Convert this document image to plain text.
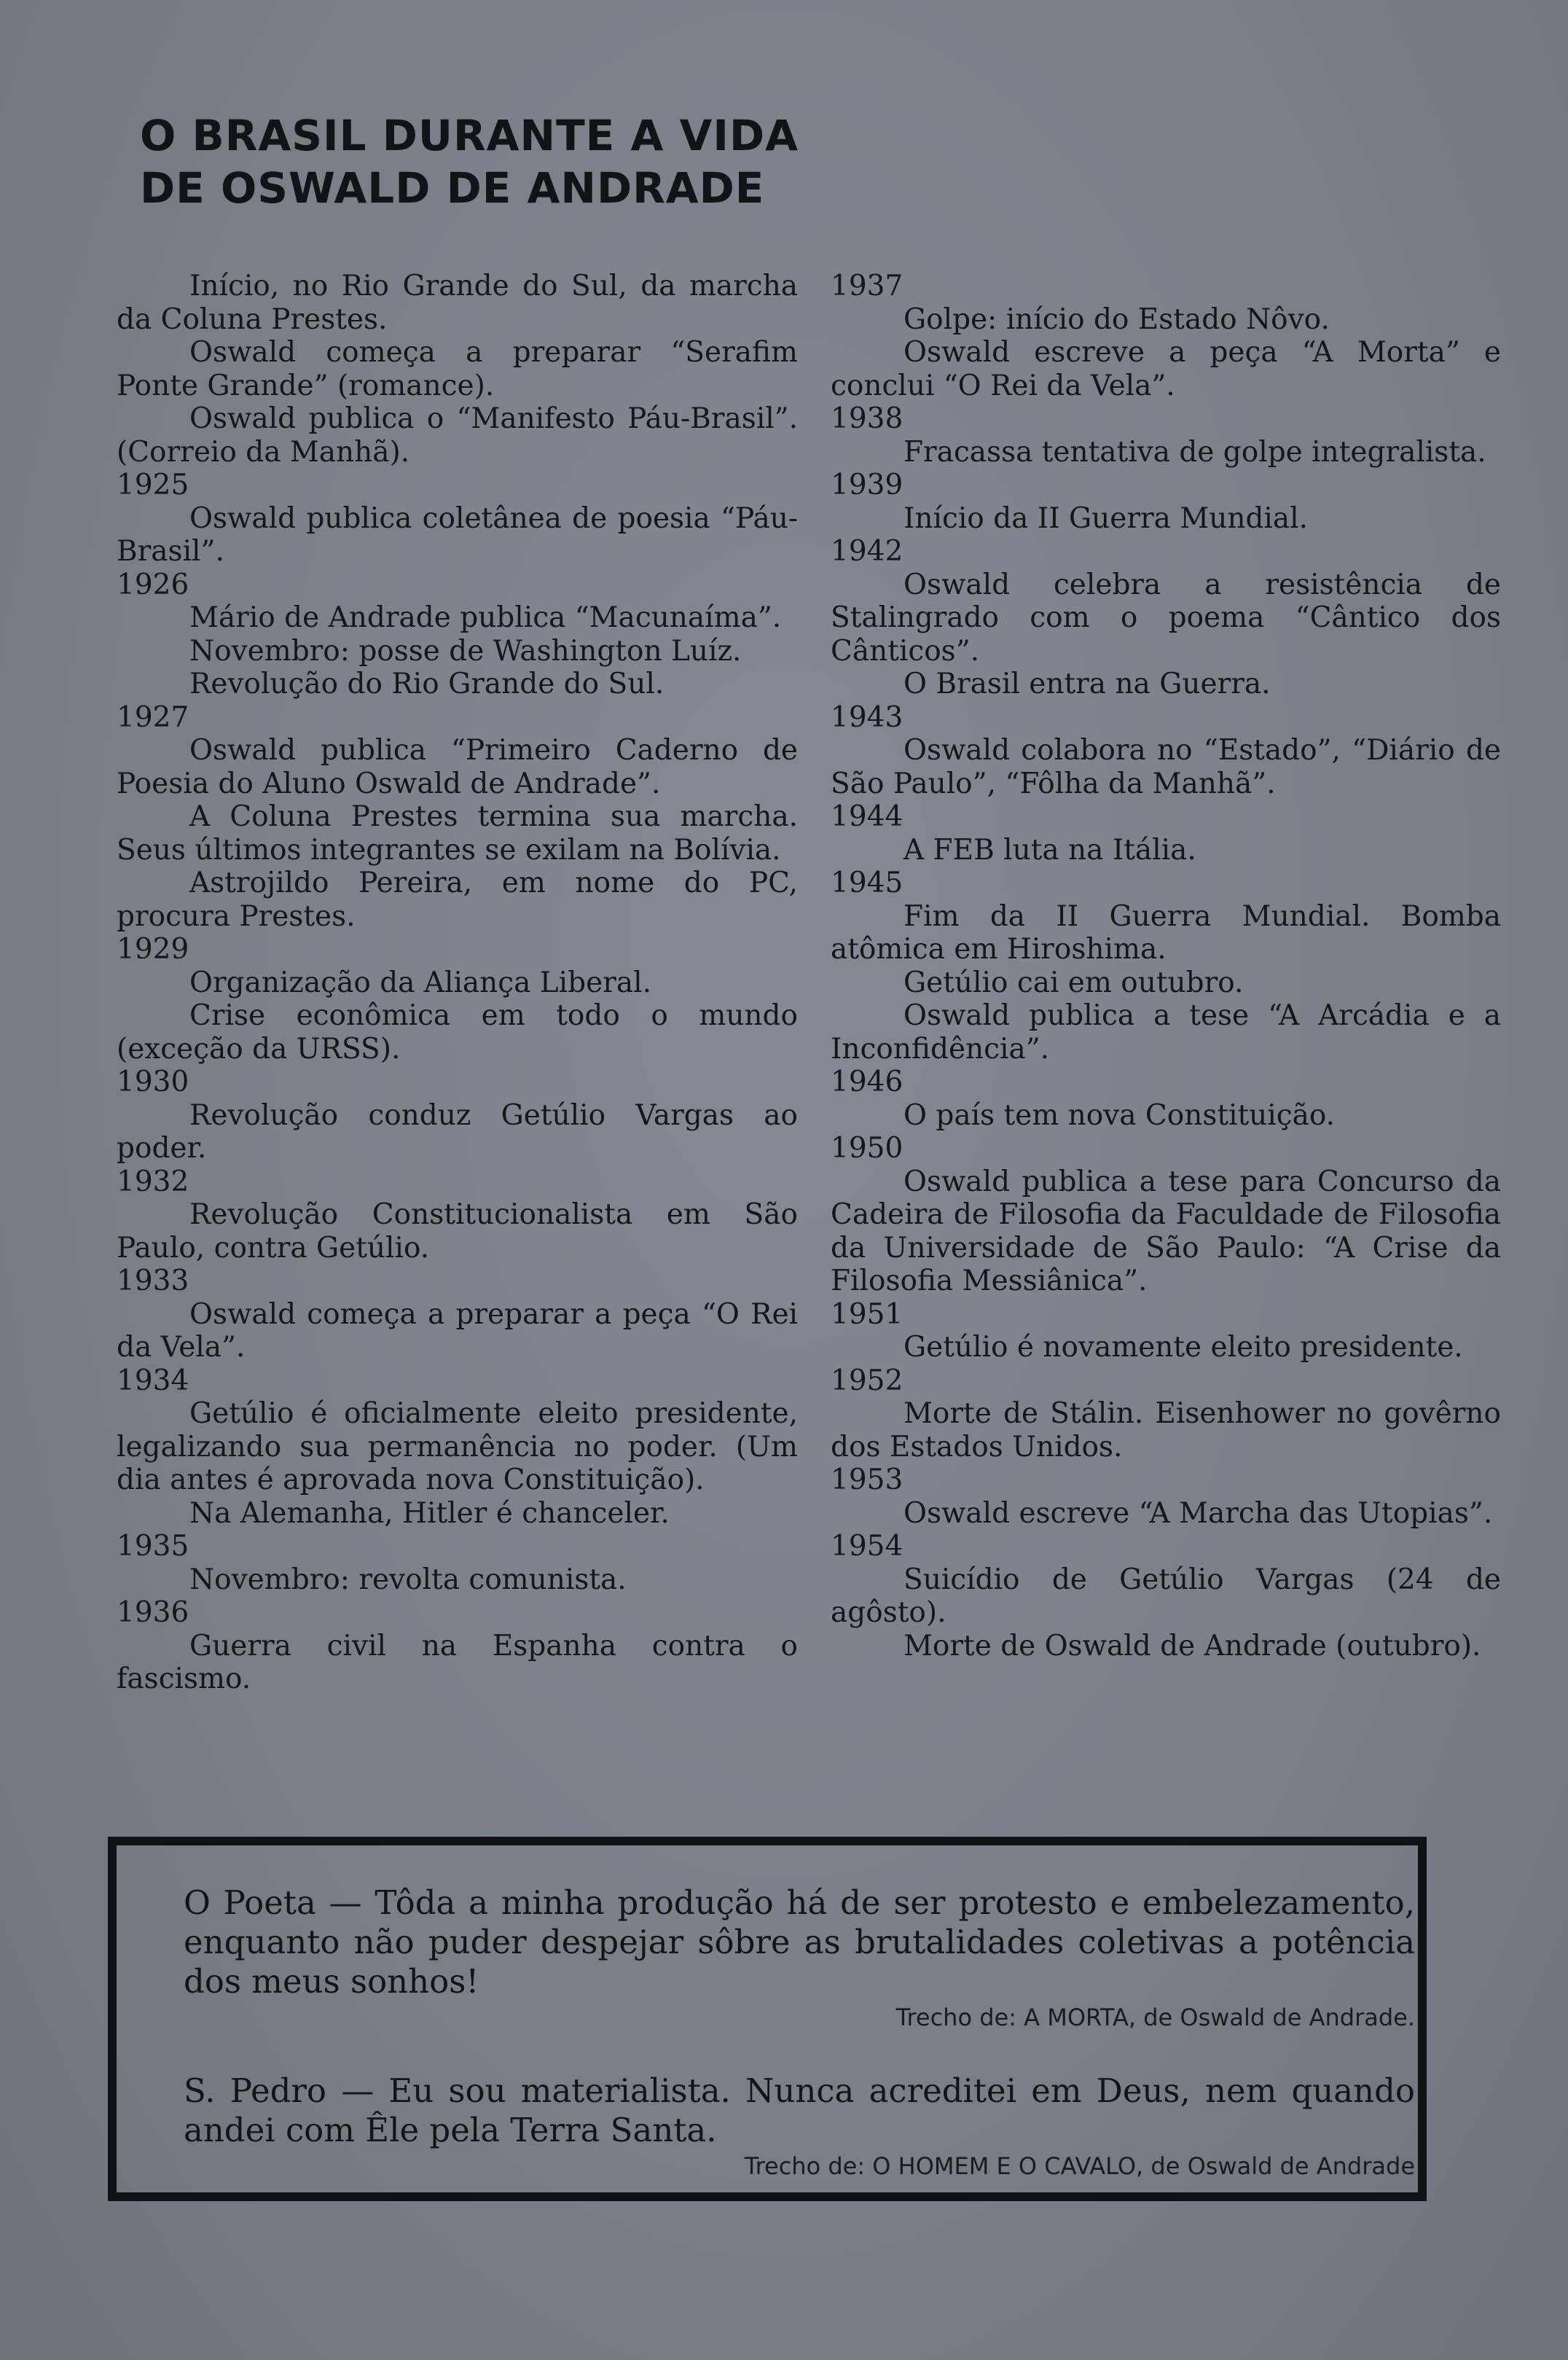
O BRASIL DURANTE A VIDA
DE OSWALD DE ANDRADE

Início, no Rio Grande do Sul, da marcha da Coluna Prestes.

Oswald começa a preparar “Serafim Ponte Grande” (romance).

Oswald publica o “Manifesto Páu-Brasil”. (Correio da Manhã).

1925

Oswald publica coletânea de poesia “Páu-Brasil”.

1926

Mário de Andrade publica “Macunaíma”.

Novembro: posse de Washington Luíz.

Revolução do Rio Grande do Sul.

1927

Oswald publica “Primeiro Caderno de Poesia do Aluno Oswald de Andrade”.

A Coluna Prestes termina sua marcha. Seus últimos integrantes se exilam na Bolívia.

Astrojildo Pereira, em nome do PC, procura Prestes.

1929

Organização da Aliança Liberal.

Crise econômica em todo o mundo (exceção da URSS).

1930

Revolução conduz Getúlio Vargas ao poder.

1932

Revolução Constitucionalista em São Paulo, contra Getúlio.

1933

Oswald começa a preparar a peça “O Rei da Vela”.

1934

Getúlio é oficialmente eleito presidente, legalizando sua permanência no poder. (Um dia antes é aprovada nova Constituição).

Na Alemanha, Hitler é chanceler.

1935

Novembro: revolta comunista.

1936

Guerra civil na Espanha contra o fascismo.

1937

Golpe: início do Estado Nôvo.

Oswald escreve a peça “A Morta” e conclui “O Rei da Vela”.

1938

Fracassa tentativa de golpe integralista.

1939

Início da II Guerra Mundial.

1942

Oswald celebra a resistência de Stalingrado com o poema “Cântico dos Cânticos”.

O Brasil entra na Guerra.

1943

Oswald colabora no “Estado”, “Diário de São Paulo”, “Fôlha da Manhã”.

1944

A FEB luta na Itália.

1945

Fim da II Guerra Mundial. Bomba atômica em Hiroshima.

Getúlio cai em outubro.

Oswald publica a tese “A Arcádia e a Inconfidência”.

1946

O país tem nova Constituição.

1950

Oswald publica a tese para Concurso da Cadeira de Filosofia da Faculdade de Filosofia da Universidade de São Paulo: “A Crise da Filosofia Messiânica”.

1951

Getúlio é novamente eleito presidente.

1952

Morte de Stálin. Eisenhower no govêrno dos Estados Unidos.

1953

Oswald escreve “A Marcha das Utopias”.

1954

Suicídio de Getúlio Vargas (24 de agôsto).

Morte de Oswald de Andrade (outubro).

O Poeta — Tôda a minha produção há de ser protesto e embelezamento, enquanto não puder despejar sôbre as brutalidades coletivas a potência dos meus sonhos!
Trecho de: A MORTA, de Oswald de Andrade.
S. Pedro — Eu sou materialista. Nunca acreditei em Deus, nem quando andei com Êle pela Terra Santa.
Trecho de: O HOMEM E O CAVALO, de Oswald de Andrade
